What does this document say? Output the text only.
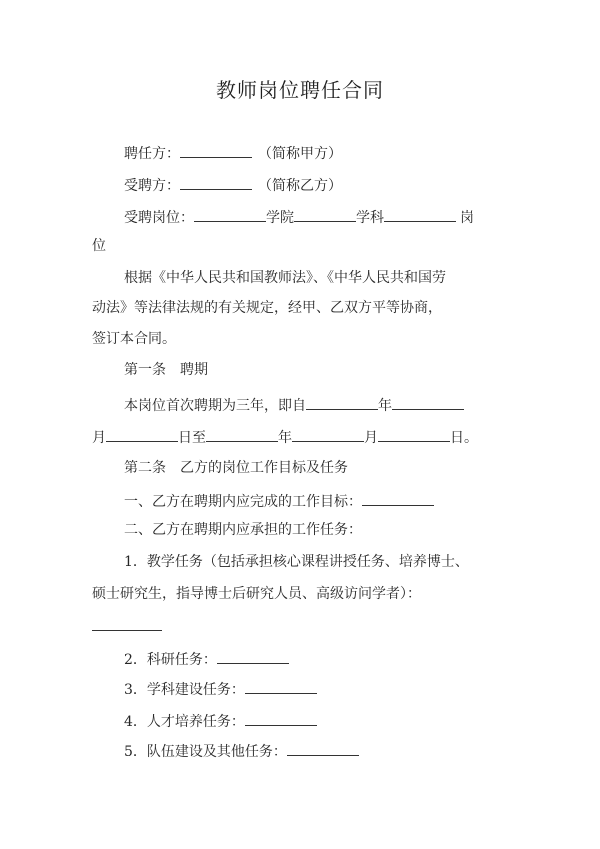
教师岗位聘任合同
聘任方：	（简称甲方）
受聘方：	（简称乙方）
受聘岗位：	学院	学科	岗
位
根据《中华人民共和国教师法》、《中华人民共和国劳
动法》等法律法规的有关规定，经甲、乙双方平等协商，
签订本合同。
第一条　聘期
本岗位首次聘期为三年，即自	年
月	日至	年	月	日。
第二条　乙方的岗位工作目标及任务
一、乙方在聘期内应完成的工作目标：
二、乙方在聘期内应承担的工作任务：
1．教学任务（包括承担核心课程讲授任务、培养博士、
硕士研究生，指导博士后研究人员、高级访问学者）：
2．科研任务：
3．学科建设任务：
4．人才培养任务：
5．队伍建设及其他任务：
